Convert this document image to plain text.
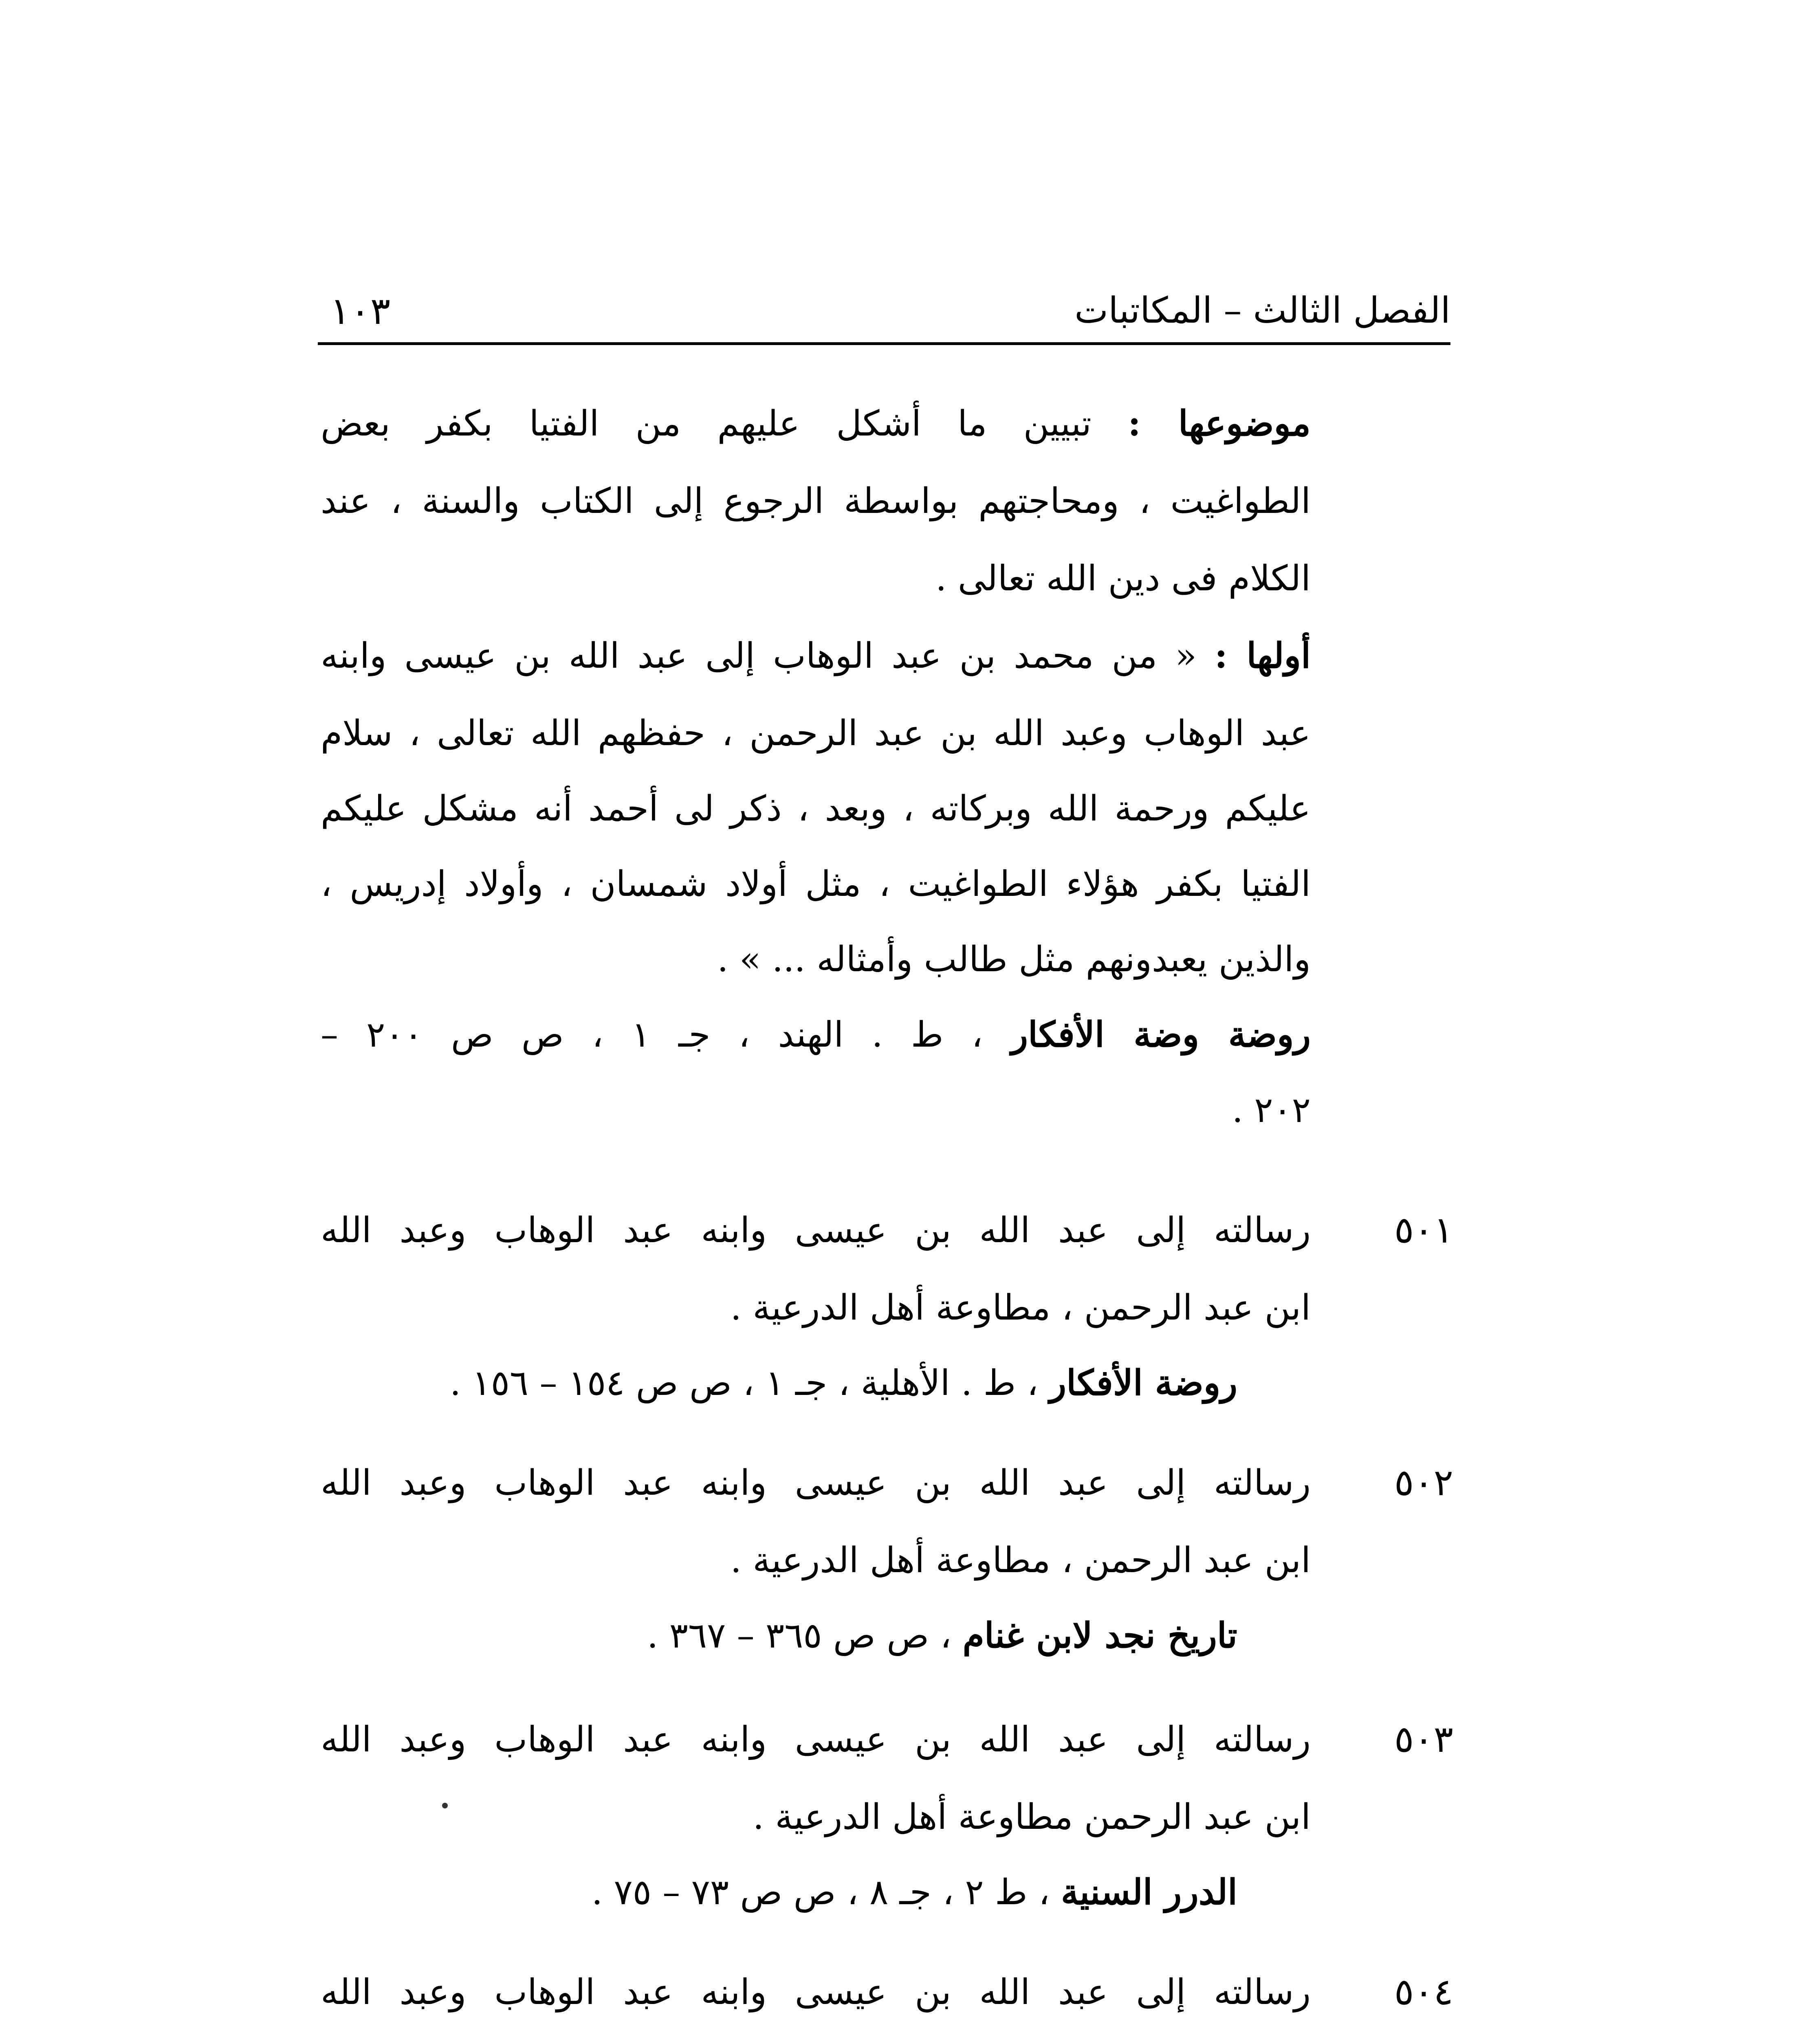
الفصل الثالث – المكاتبات
١٠٣
موضوعها : تبيين ما أشكل عليهم من الفتيا بكفر بعض
الطواغيت ، ومحاجتهم بواسطة الرجوع إلى الكتاب والسنة ، عند
الكلام فى دين الله تعالى .
أولها : « من محمد بن عبد الوهاب إلى عبد الله بن عيسى وابنه
عبد الوهاب وعبد الله بن عبد الرحمن ، حفظهم الله تعالى ، سلام
عليكم ورحمة الله وبركاته ، وبعد ، ذكر لى أحمد أنه مشكل عليكم
الفتيا بكفر هؤلاء الطواغيت ، مثل أولاد شمسان ، وأولاد إدريس ،
والذين يعبدونهم مثل طالب وأمثاله ... » .
روضة وضة الأفكار ، ط . الهند ، جـ ١ ، ص ص ٢٠٠ –
٢٠٢ .
٥٠١
رسالته إلى عبد الله بن عيسى وابنه عبد الوهاب وعبد الله
ابن عبد الرحمن ، مطاوعة أهل الدرعية .
روضة الأفكار ، ط . الأهلية ، جـ ١ ، ص ص ١٥٤ – ١٥٦ .
٥٠٢
رسالته إلى عبد الله بن عيسى وابنه عبد الوهاب وعبد الله
ابن عبد الرحمن ، مطاوعة أهل الدرعية .
تاريخ نجد لابن غنام ، ص ص ٣٦٥ – ٣٦٧ .
٥٠٣
رسالته إلى عبد الله بن عيسى وابنه عبد الوهاب وعبد الله
ابن عبد الرحمن مطاوعة أهل الدرعية .
الدرر السنية ، ط ٢ ، جـ ٨ ، ص ص ٧٣ – ٧٥ .
٥٠٤
رسالته إلى عبد الله بن عيسى وابنه عبد الوهاب وعبد الله
